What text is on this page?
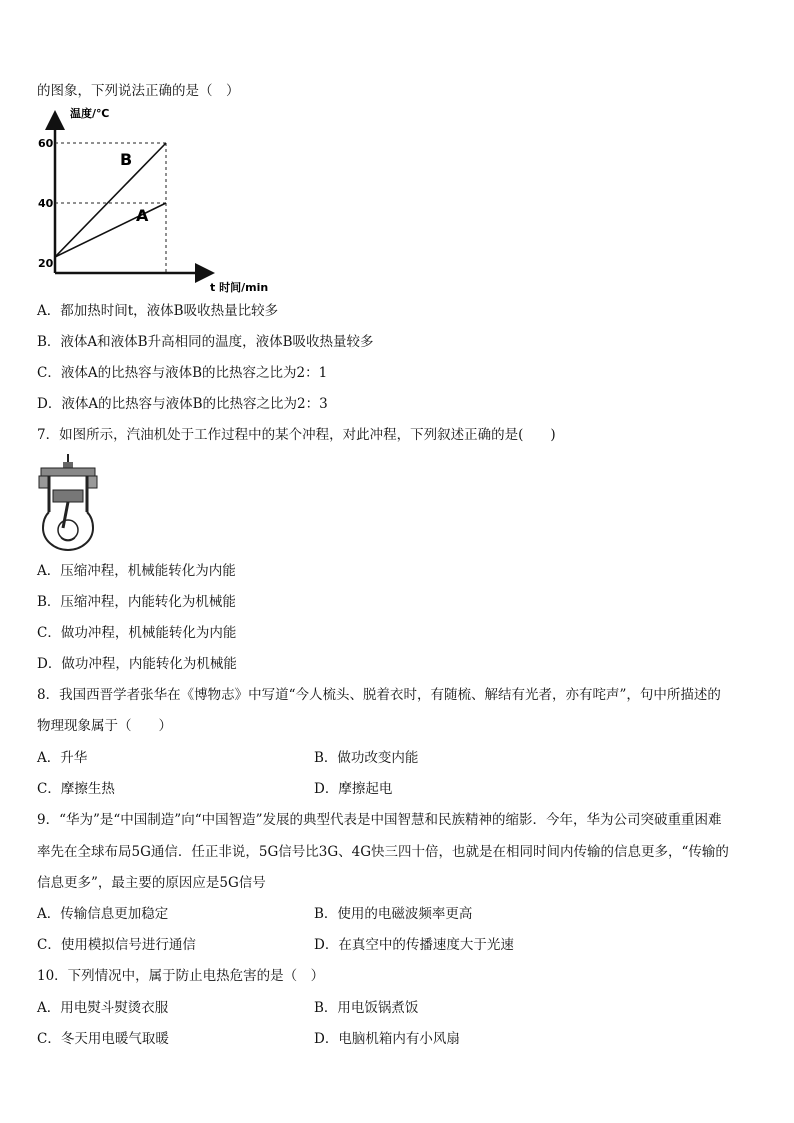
的图象，下列说法正确的是（　）
温度/℃
t 时间/min
60
40
20
B
A
A．都加热时间t，液体B吸收热量比较多
B．液体A和液体B升高相同的温度，液体B吸收热量较多
C．液体A的比热容与液体B的比热容之比为2：1
D．液体A的比热容与液体B的比热容之比为2：3
7．如图所示，汽油机处于工作过程中的某个冲程，对此冲程，下列叙述正确的是(　　)
A．压缩冲程，机械能转化为内能
B．压缩冲程，内能转化为机械能
C．做功冲程，机械能转化为内能
D．做功冲程，内能转化为机械能
8．我国西晋学者张华在《博物志》中写道“今人梳头、脱着衣时，有随梳、解结有光者，亦有咤声”，句中所描述的
物理现象属于（　　）
A．升华	B．做功改变内能
C．摩擦生热	D．摩擦起电
9．“华为”是“中国制造”向“中国智造”发展的典型代表是中国智慧和民族精神的缩影．今年，华为公司突破重重困难
率先在全球布局5G通信．任正非说，5G信号比3G、4G快三四十倍，也就是在相同时间内传输的信息更多，“传输的
信息更多”，最主要的原因应是5G信号
A．传输信息更加稳定	B．使用的电磁波频率更高
C．使用模拟信号进行通信	D．在真空中的传播速度大于光速
10．下列情况中，属于防止电热危害的是（　）
A．用电熨斗熨烫衣服	B．用电饭锅煮饭
C．冬天用电暖气取暖	D．电脑机箱内有小风扇
